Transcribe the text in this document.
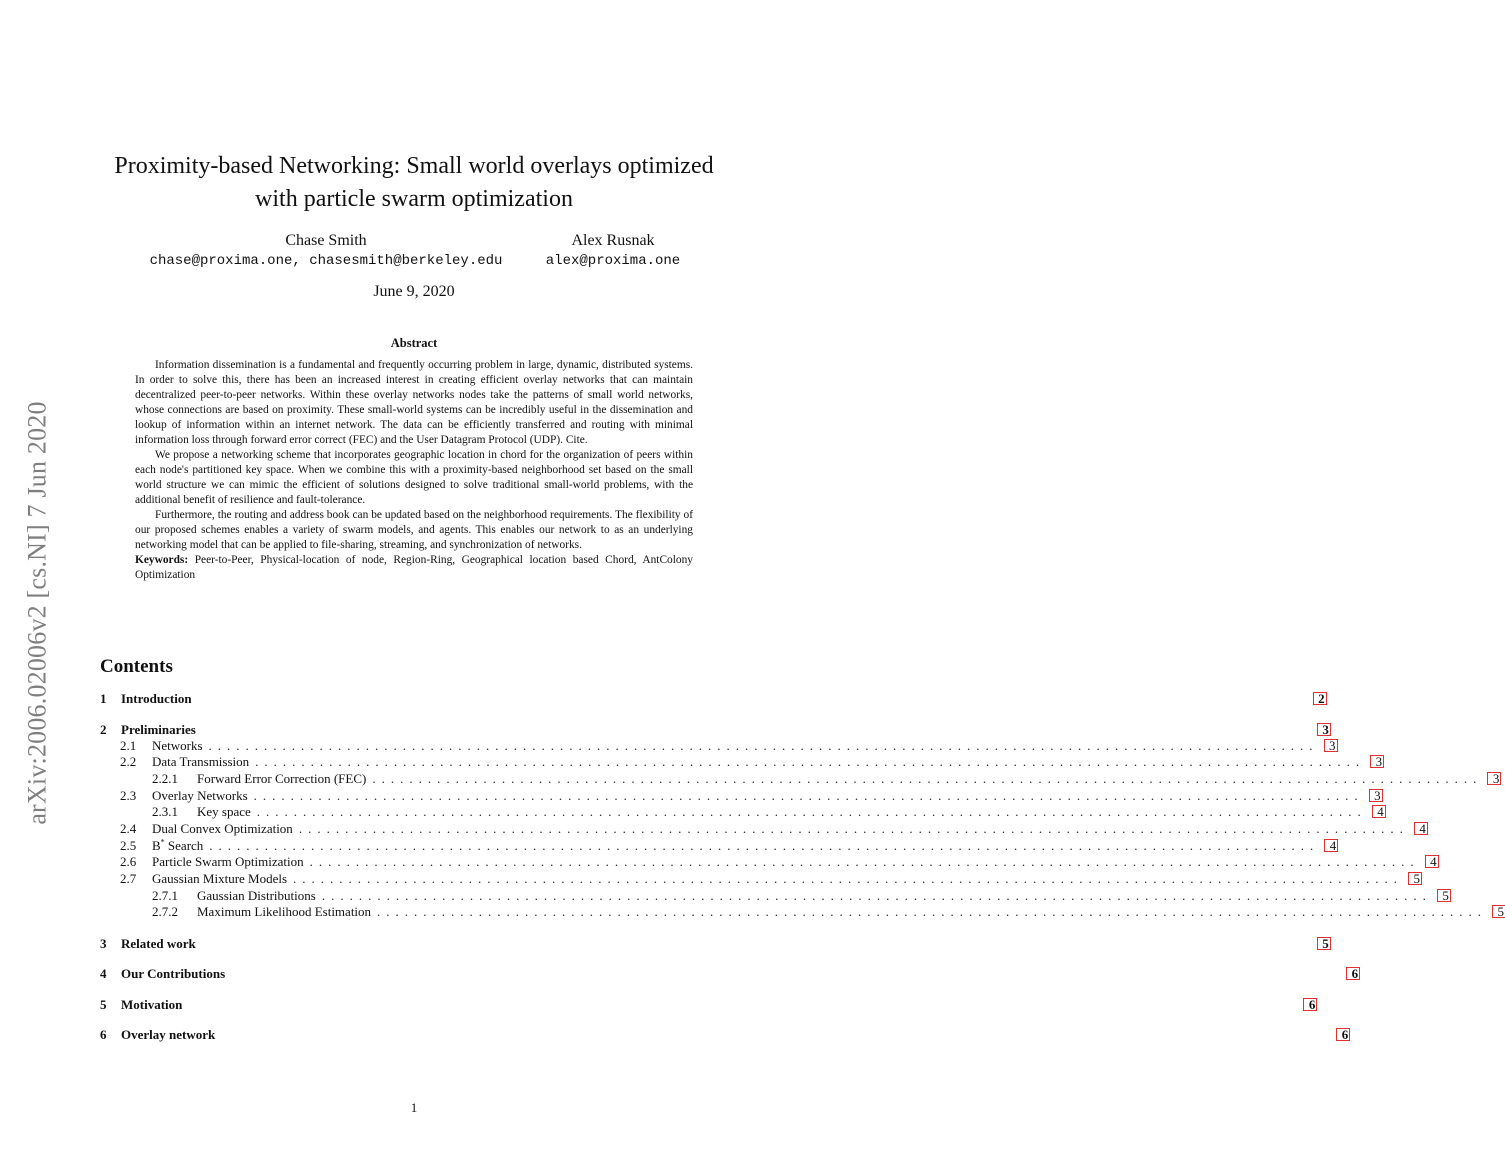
arXiv:2006.02006v2 [cs.NI] 7 Jun 2020
Proximity-based Networking: Small world overlays optimized with particle swarm optimization
Chase Smith
chase@proxima.one, chasesmith@berkeley.edu
Alex Rusnak
alex@proxima.one
June 9, 2020
Abstract

Information dissemination is a fundamental and frequently occurring problem in large, dynamic, distributed systems. In order to solve this, there has been an increased interest in creating efficient overlay networks that can maintain decentralized peer-to-peer networks. Within these overlay networks nodes take the patterns of small world networks, whose connections are based on proximity. These small-world systems can be incredibly useful in the dissemination and lookup of information within an internet network. The data can be efficiently transferred and routing with minimal information loss through forward error correct (FEC) and the User Datagram Protocol (UDP). Cite.

We propose a networking scheme that incorporates geographic location in chord for the organization of peers within each node's partitioned key space. When we combine this with a proximity-based neighborhood set based on the small world structure we can mimic the efficient of solutions designed to solve traditional small-world problems, with the additional benefit of resilience and fault-tolerance.

Furthermore, the routing and address book can be updated based on the neighborhood requirements. The flexibility of our proposed schemes enables a variety of swarm models, and agents. This enables our network to as an underlying networking model that can be applied to file-sharing, streaming, and synchronization of networks.

Keywords: Peer-to-Peer, Physical-location of node, Region-Ring, Geographical location based Chord, AntColony Optimization

Contents
1	Introduction	2
2	Preliminaries	3
2.1	Networks ........................................................................................................................ 3
2.2	Data Transmission ........................................................................................................................ 3
2.2.1	Forward Error Correction (FEC) ........................................................................................................................ 3
2.3	Overlay Networks ........................................................................................................................ 3
2.3.1	Key space ........................................................................................................................ 4
2.4	Dual Convex Optimization ........................................................................................................................ 4
2.5	B* Search ........................................................................................................................ 4
2.6	Particle Swarm Optimization ........................................................................................................................ 4
2.7	Gaussian Mixture Models ........................................................................................................................ 5
2.7.1	Gaussian Distributions ........................................................................................................................ 5
2.7.2	Maximum Likelihood Estimation ........................................................................................................................ 5
3	Related work	5
4	Our Contributions	6
5	Motivation	6
6	Overlay network	6
1
